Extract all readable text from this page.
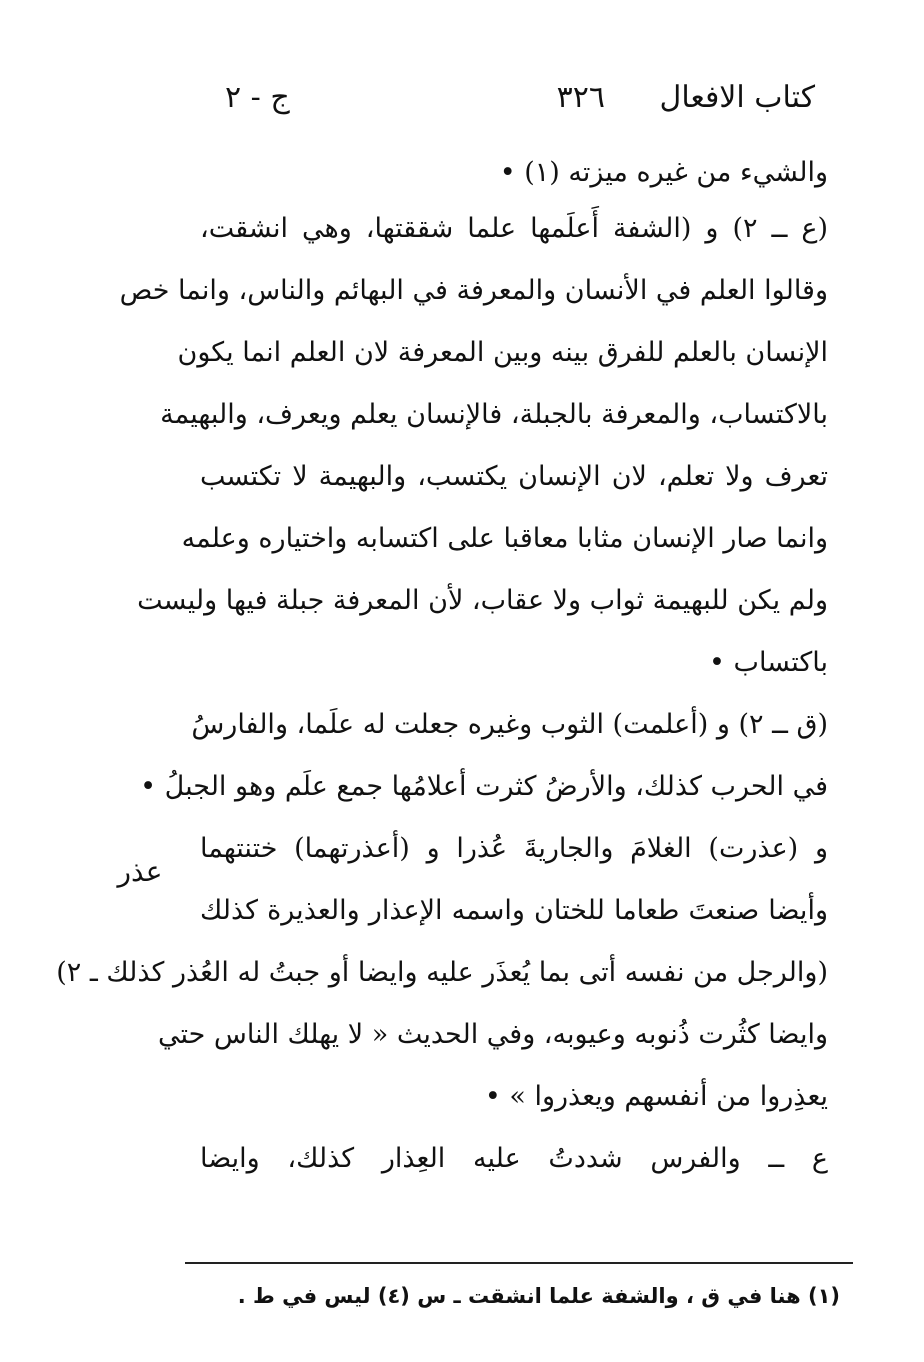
كتاب الافعال
٣٢٦
ج - ٢
والشيء من غيره ميزته (١) •
(ع ــ ٢) و (الشفة أَعلَمها علما شققتها، وهي انشقت،
وقالوا العلم في الأنسان والمعرفة في البهائم والناس، وانما خص
الإنسان بالعلم للفرق بينه وبين المعرفة لان العلم انما يكون
بالاكتساب، والمعرفة بالجبلة، فالإنسان يعلم ويعرف، والبهيمة
تعرف ولا تعلم، لان الإنسان يكتسب، والبهيمة لا تكتسب
وانما صار الإنسان مثابا معاقبا على اكتسابه واختياره وعلمه
ولم يكن للبهيمة ثواب ولا عقاب، لأن المعرفة جبلة فيها وليست
باكتساب •
(ق ــ ٢) و (أعلمت) الثوب وغيره جعلت له علَما، والفارسُ
في الحرب كذلك، والأرضُ كثرت أعلامُها جمع علَم وهو الجبلُ •
و (عذرت) الغلامَ والجاريةَ عُذرا و (أعذرتهما) ختنتهما
وأيضا صنعتَ طعاما للختان واسمه الإعذار والعذيرة كذلك
(والرجل من نفسه أتى بما يُعذَر عليه وايضا أو جبتُ له العُذر كذلك ـ ٢)
وايضا كثُرت ذُنوبه وعيوبه، وفي الحديث « لا يهلك الناس حتي
يعذِروا من أنفسهم ويعذروا » •
ع ــ والفرس شددتُ عليه العِذار كذلك، وايضا
عذر
(١) هنا في ق ، والشفة علما انشقت ـ س (٤) ليس في ط .
